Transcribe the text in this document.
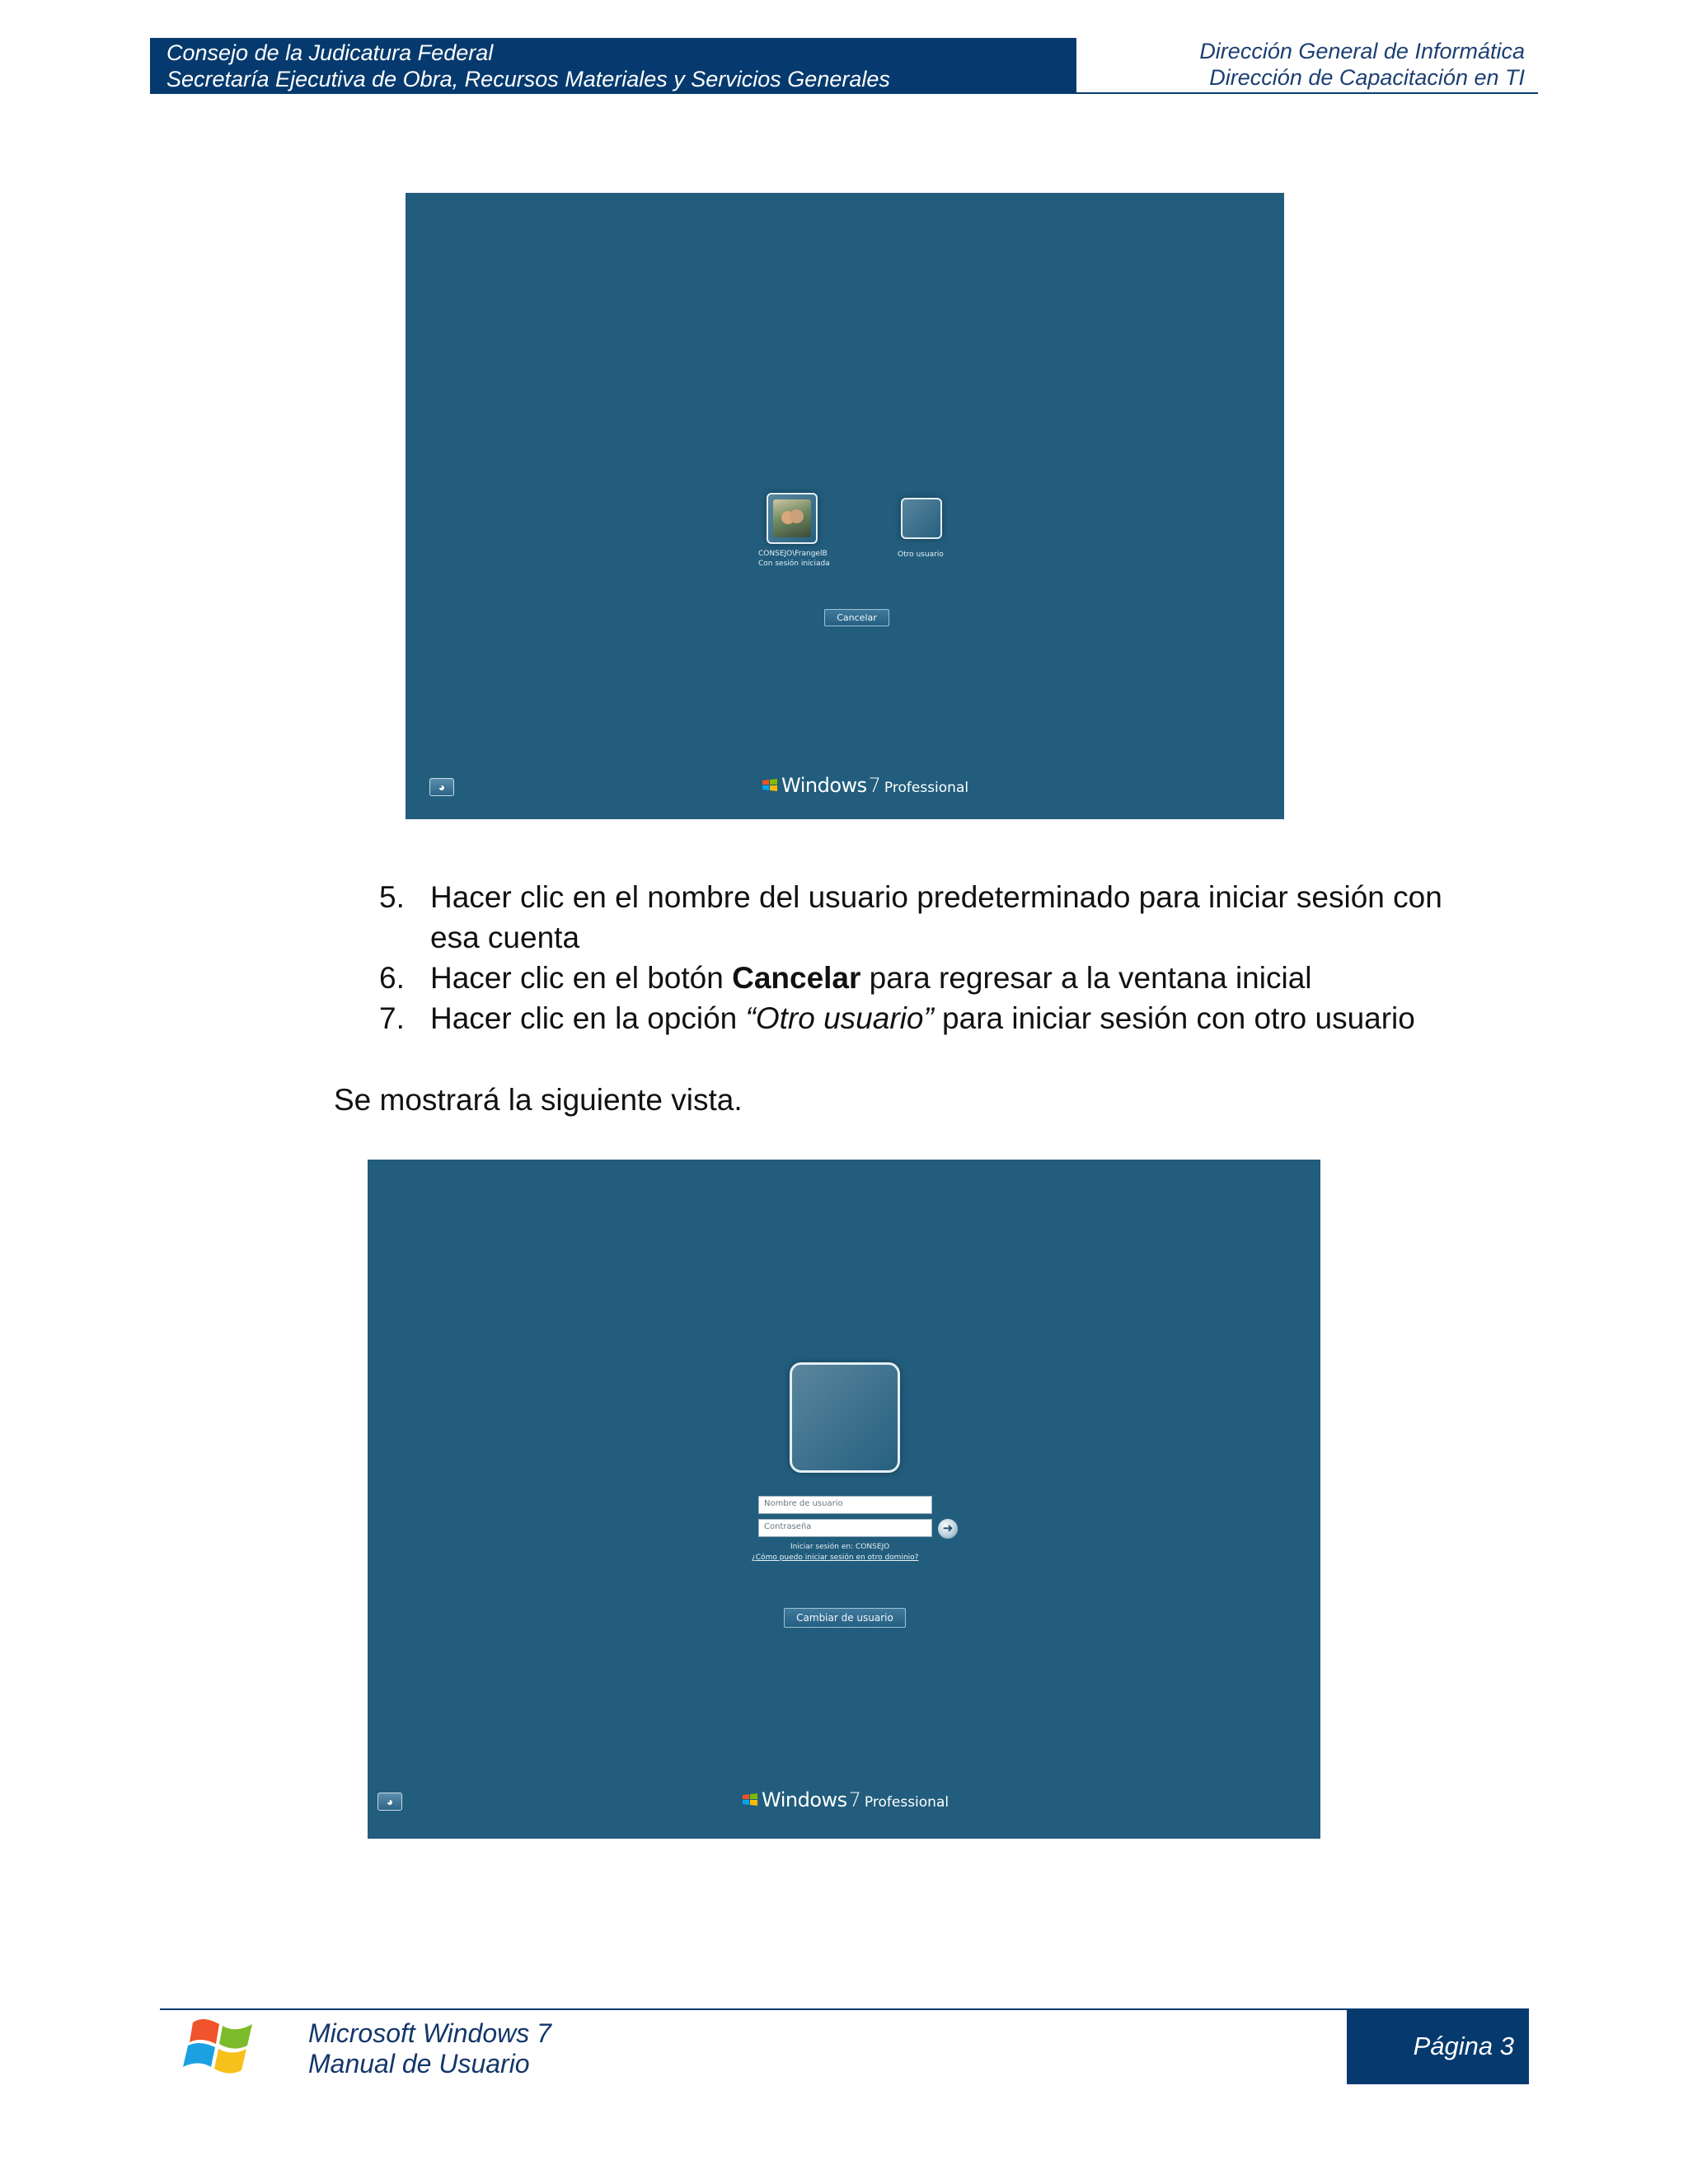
Consejo de la Judicatura Federal
Secretaría Ejecutiva de Obra, Recursos Materiales y Servicios Generales
Dirección General de Informática
Dirección de Capacitación en TI
CONSEJO\FrangelB
Con sesión iniciada
Otro usuario
Cancelar
◕	Windows7 Professional
5. Hacer clic en el nombre del usuario predeterminado para iniciar sesión con esa cuenta
6. Hacer clic en el botón Cancelar para regresar a la ventana inicial
7. Hacer clic en la opción “Otro usuario” para iniciar sesión con otro usuario

Se mostrará la siguiente vista.

Nombre de usuario
Contraseña	➜
Iniciar sesión en: CONSEJO
¿Cómo puedo iniciar sesión en otro dominio?
Cambiar de usuario
◕	Windows7 Professional
Microsoft Windows 7
Manual de Usuario
Página 3
